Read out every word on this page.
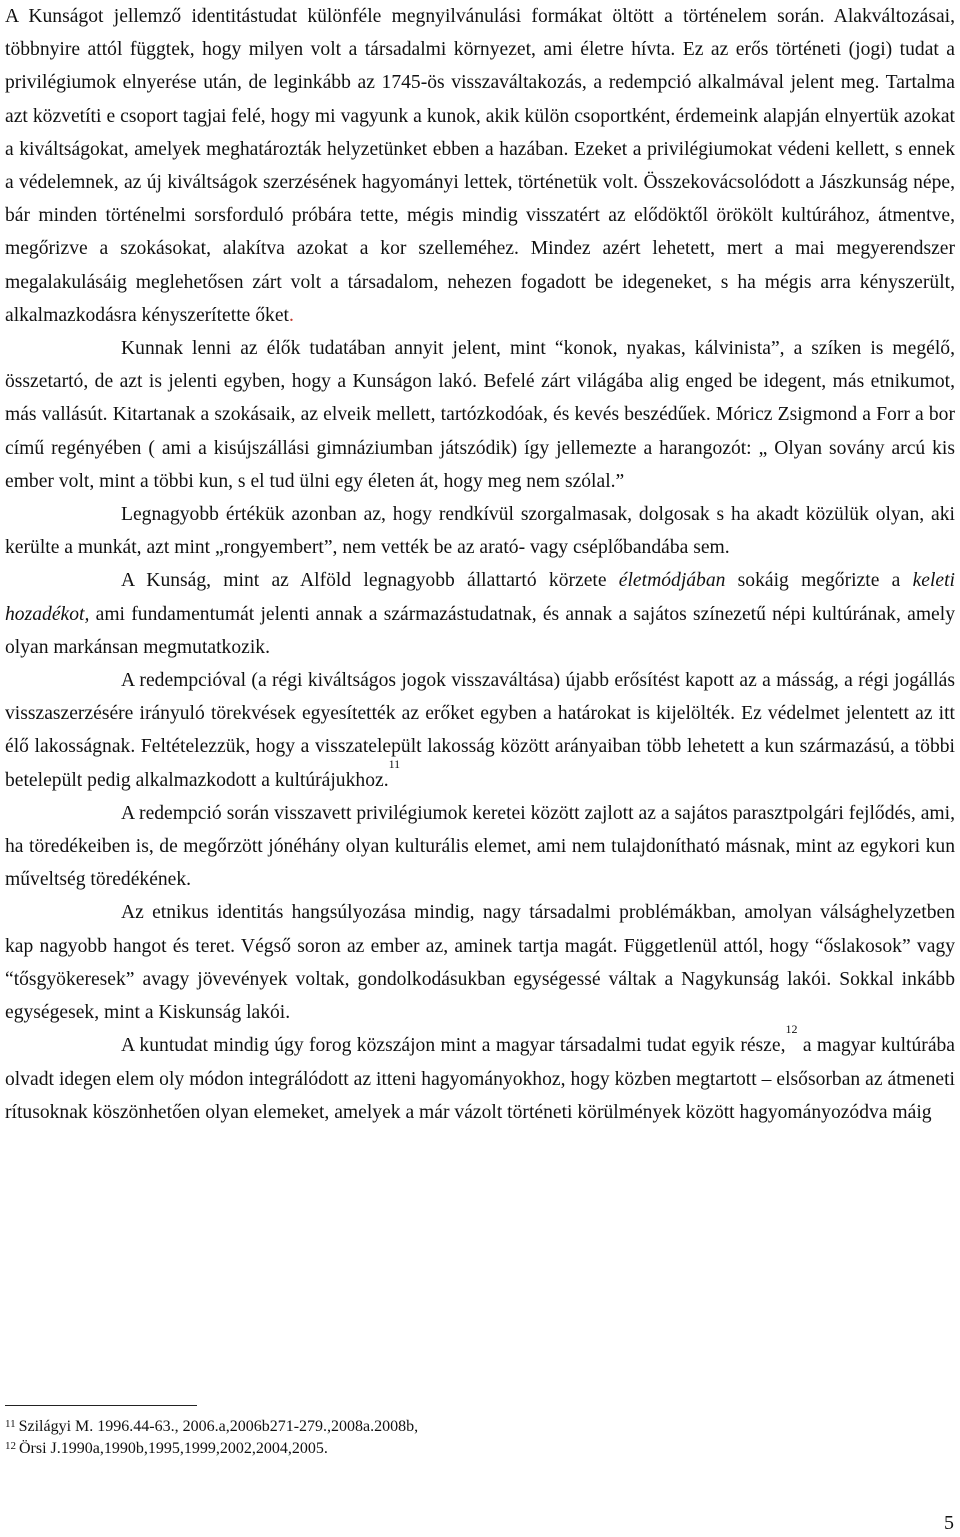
A Kunságot jellemző identitástudat különféle megnyilvánulási formákat öltött a történelem során. Alakváltozásai, többnyire attól függtek, hogy milyen volt a társadalmi környezet, ami életre hívta. Ez az erős történeti (jogi) tudat a privilégiumok elnyerése után, de leginkább az 1745-ös visszaváltakozás, a redempció alkalmával jelent meg. Tartalma azt közvetíti e csoport tagjai felé, hogy mi vagyunk a kunok, akik külön csoportként, érdemeink alapján elnyertük azokat a kiváltságokat, amelyek meghatározták helyzetünket ebben a hazában. Ezeket a privilégiumokat védeni kellett, s ennek a védelemnek, az új kiváltságok szerzésének hagyományi lettek, történetük volt. Összekovácsolódott a Jászkunság népe, bár minden történelmi sorsforduló próbára tette, mégis mindig visszatért az elődöktől örökölt kultúrához, átmentve, megőrizve a szokásokat, alakítva azokat a kor szelleméhez. Mindez azért lehetett, mert a mai megyerendszer megalakulásáig meglehetősen zárt volt a társadalom, nehezen fogadott be idegeneket, s ha mégis arra kényszerült, alkalmazkodásra kényszerítette őket.

Kunnak lenni az élők tudatában annyit jelent, mint “konok, nyakas, kálvinista”, a szíken is megélő, összetartó, de azt is jelenti egyben, hogy a Kunságon lakó. Befelé zárt világába alig enged be idegent, más etnikumot, más vallásút. Kitartanak a szokásaik, az elveik mellett, tartózkodóak, és kevés beszédűek. Móricz Zsigmond a Forr a bor című regényében ( ami a kisújszállási gimnáziumban játszódik) így jellemezte a harangozót: „ Olyan sovány arcú kis ember volt, mint a többi kun, s el tud ülni egy életen át, hogy meg nem szólal.”

Legnagyobb értékük azonban az, hogy rendkívül szorgalmasak, dolgosak s ha akadt közülük olyan, aki kerülte a munkát, azt mint „rongyembert”, nem vették be az arató- vagy cséplőbandába sem.

A Kunság, mint az Alföld legnagyobb állattartó körzete életmódjában sokáig megőrizte a keleti hozadékot, ami fundamentumát jelenti annak a származástudatnak, és annak a sajátos színezetű népi kultúrának, amely olyan markánsan megmutatkozik.

A redempcióval (a régi kiváltságos jogok visszaváltása) újabb erősítést kapott az a másság, a régi jogállás visszaszerzésére irányuló törekvések egyesítették az erőket egyben a határokat is kijelölték. Ez védelmet jelentett az itt élő lakosságnak. Feltételezzük, hogy a visszatelepült lakosság között arányaiban több lehetett a kun származású, a többi betelepült pedig alkalmazkodott a kultúrájukhoz.$^{11}$

A redempció során visszavett privilégiumok keretei között zajlott az a sajátos parasztpolgári fejlődés, ami, ha töredékeiben is, de megőrzött jónéhány olyan kulturális elemet, ami nem tulajdonítható másnak, mint az egykori kun műveltség töredékének.

Az etnikus identitás hangsúlyozása mindig, nagy társadalmi problémákban, amolyan válsághelyzetben kap nagyobb hangot és teret. Végső soron az ember az, aminek tartja magát. Függetlenül attól, hogy “őslakosok” vagy “tősgyökeresek” avagy jövevények voltak, gondolkodásukban egységessé váltak a Nagykunság lakói. Sokkal inkább egységesek, mint a Kiskunság lakói.

A kuntudat mindig úgy forog közszájon mint a magyar társadalmi tudat egyik része,$^{12}$ a magyar kultúrába olvadt idegen elem oly módon integrálódott az itteni hagyományokhoz, hogy közben megtartott – elsősorban az átmeneti rítusoknak köszönhetően olyan elemeket, amelyek a már vázolt történeti körülmények között hagyományozódva máig

$^{11}$ Szilágyi M. 1996.44-63., 2006.a,2006b271-279.,2008a.2008b,
$^{12}$ Örsi J.1990a,1990b,1995,1999,2002,2004,2005.
5
